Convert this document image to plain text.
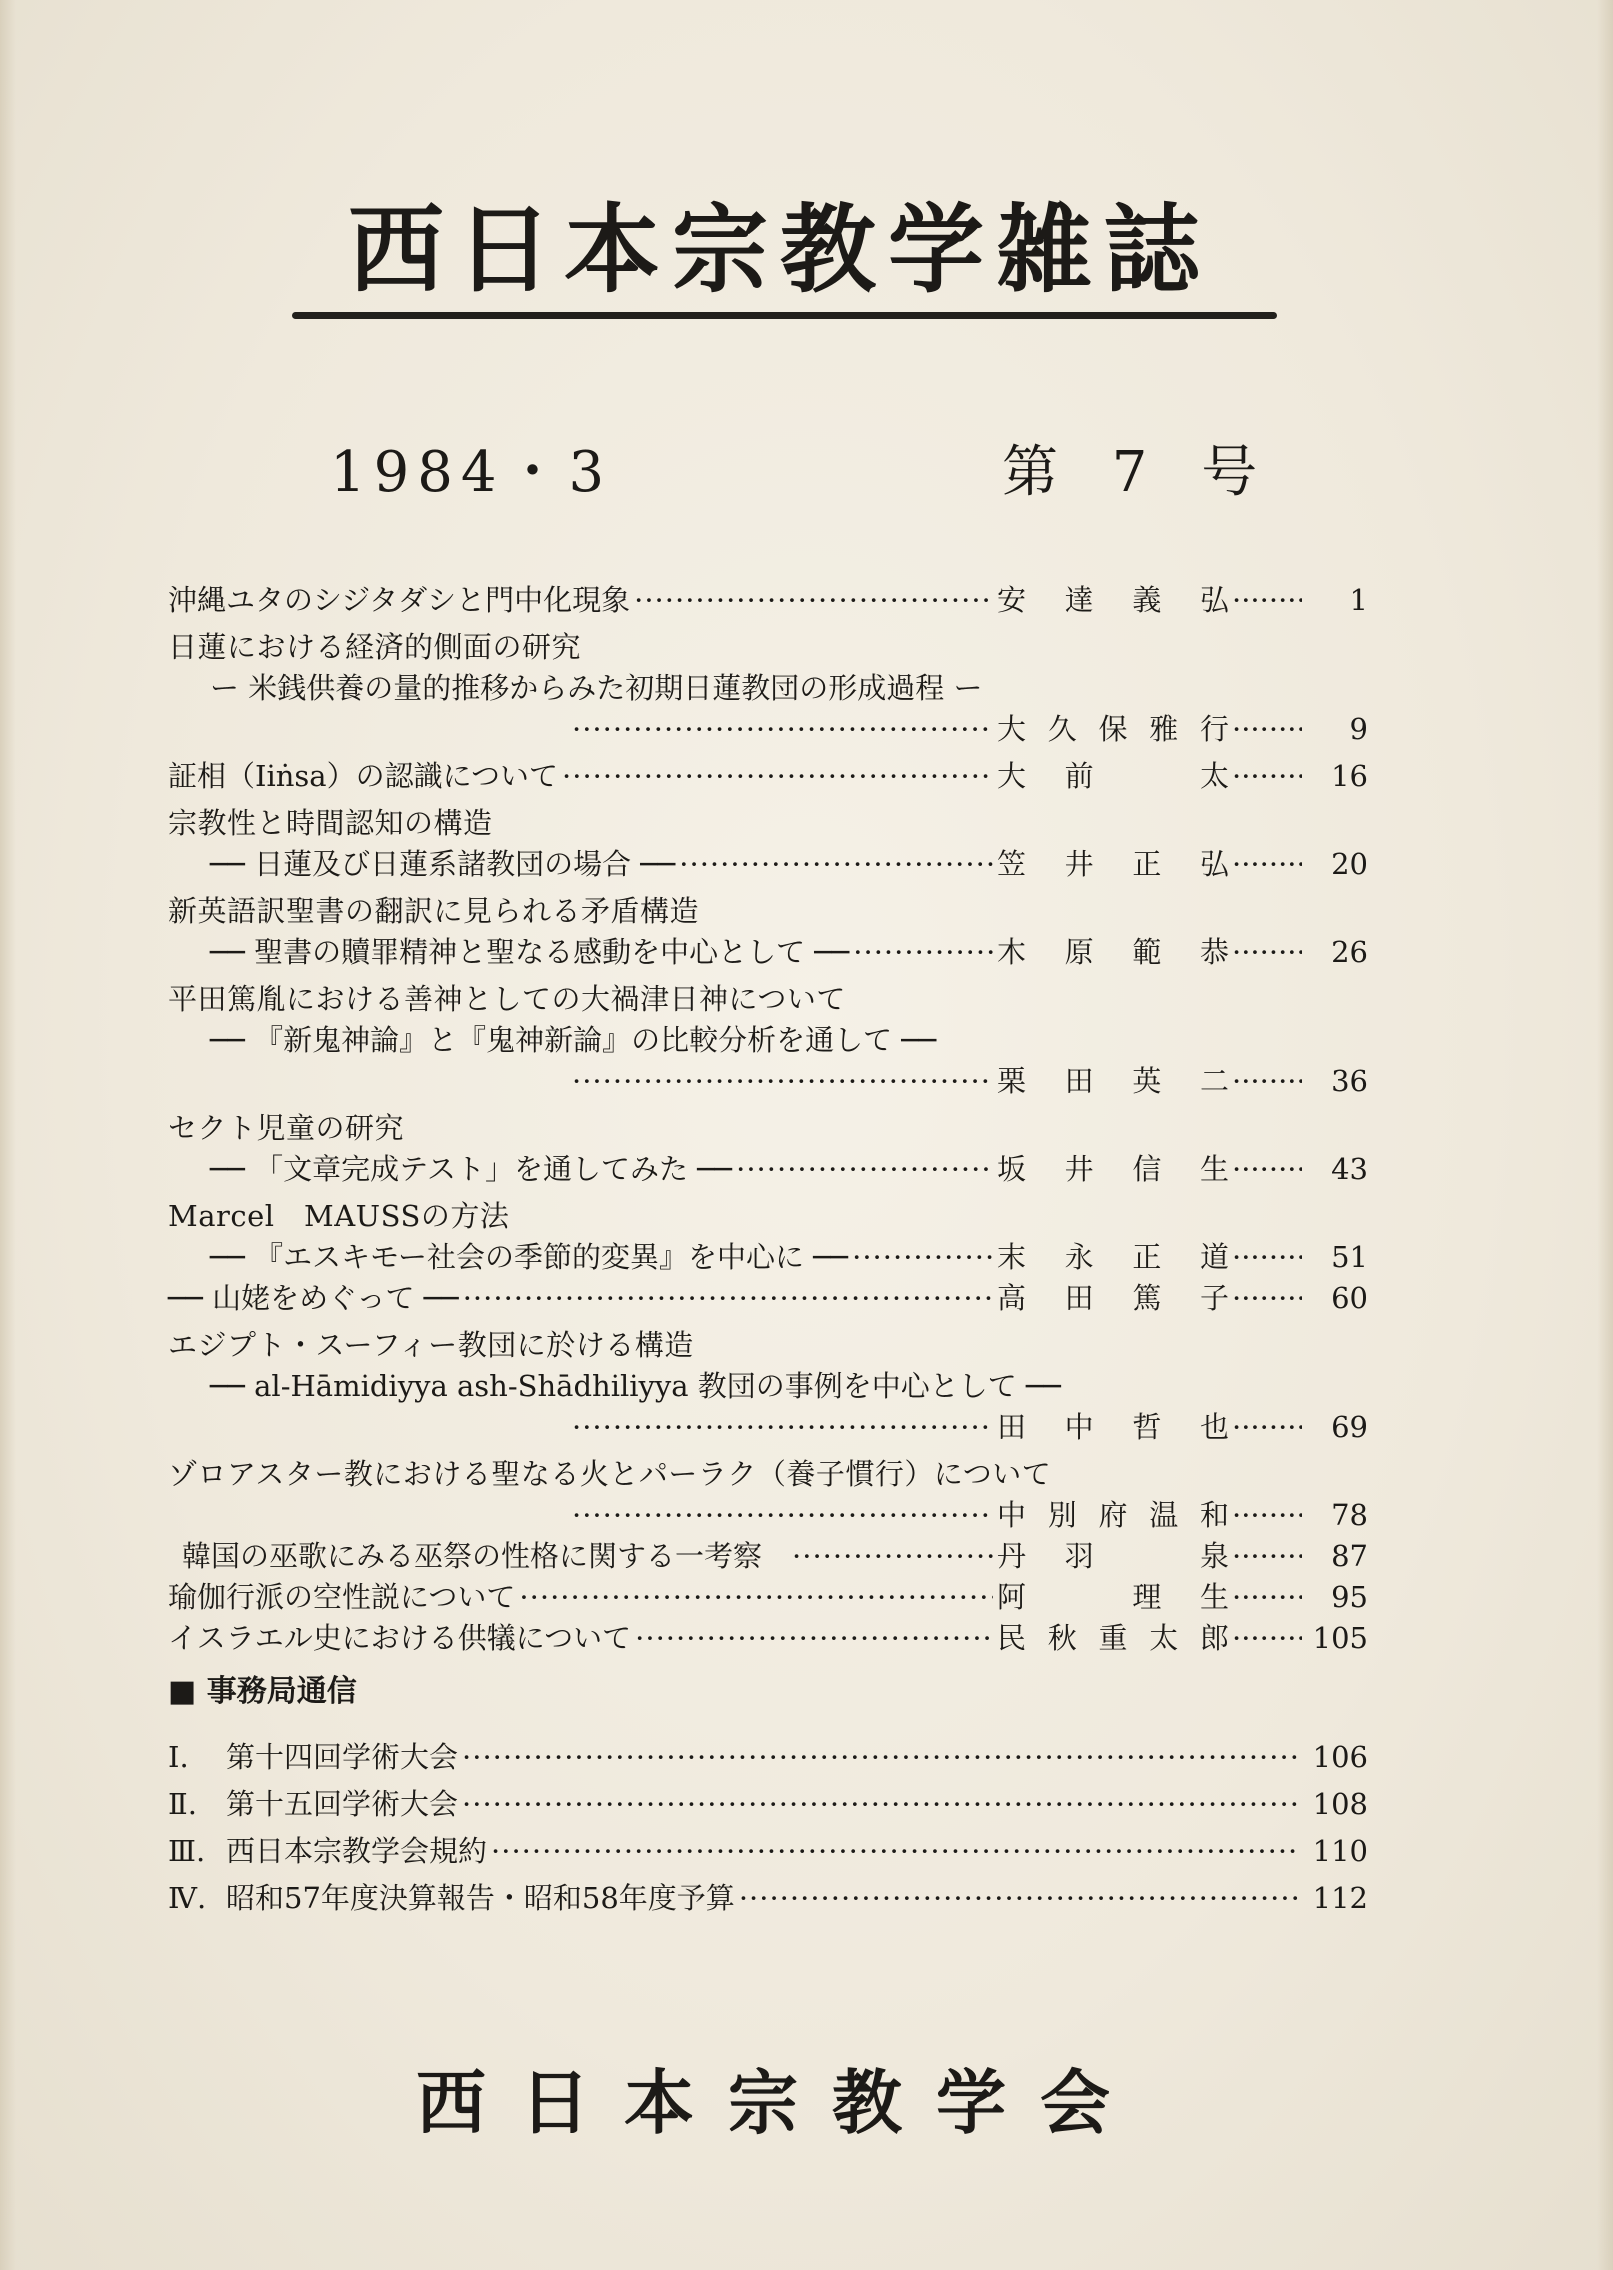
西日本宗教学雑誌
1984・3	第 7 号
沖縄ユタのシジタダシと門中化現象 ·····	安達義弘 ·····	1
日蓮における経済的側面の研究
ー 米銭供養の量的推移からみた初期日蓮教団の形成過程 ー
·····
大久保雅行 ·····	9
証相（Iiṅsa）の認識について ·····	大前　太 ·····	16
宗教性と時間認知の構造
── 日蓮及び日蓮系諸教団の場合 ── ·····	笠井正弘 ·····	20
新英語訳聖書の翻訳に見られる矛盾構造
── 聖書の贖罪精神と聖なる感動を中心として ── ·····	木原範恭 ·····	26
平田篤胤における善神としての大禍津日神について
── 『新鬼神論』と『鬼神新論』の比較分析を通して ──
·····
栗田英二 ·····	36
セクト児童の研究
── 「文章完成テスト」を通してみた ── ·····	坂井信生 ·····	43
Marcel　MAUSSの方法
── 『エスキモー社会の季節的変異』を中心に ── ·····	末永正道 ·····	51
── 山姥をめぐって ── ·····	高田篤子 ·····	60
エジプト・スーフィー教団に於ける構造
── al-Hāmidiyya ash-Shādhiliyya 教団の事例を中心として ──
·····
田中哲也 ·····	69
ゾロアスター教における聖なる火とパーラク（養子慣行）について
·····
中別府温和 ·····	78
韓国の巫歌にみる巫祭の性格に関する一考察 ·····	丹羽　泉 ·····	87
瑜伽行派の空性説について ·····	阿　理生 ·····	95
イスラエル史における供犠について ·····	民秋重太郎 ·····	105
■ 事務局通信
Ⅰ.	第十四回学術大会 ·····	106
Ⅱ.	第十五回学術大会 ·····	108
Ⅲ. 西日本宗教学会規約 ·····	110
Ⅳ. 昭和57年度決算報告・昭和58年度予算 ·····	112
西日本宗教学会
